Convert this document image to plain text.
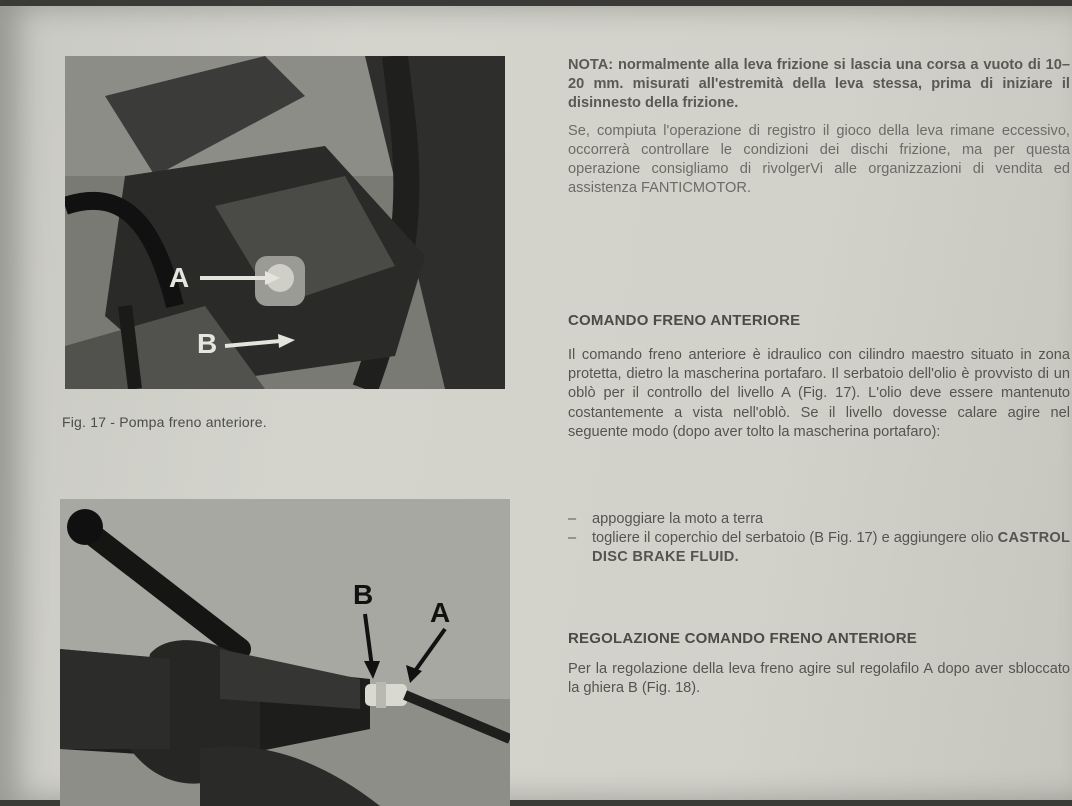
A
B
Fig. 17 - Pompa freno anteriore.
B
A

NOTA: normalmente alla leva frizione si lascia una corsa a vuoto di 10–20 mm. misurati all'estremità della leva stessa, prima di iniziare il disinnesto della frizione.

Se, compiuta l'operazione di registro il gioco della leva rimane eccessivo, occorrerà controllare le condizioni dei dischi frizione, ma per questa operazione consigliamo di rivolgerVi alle organizzazioni di vendita ed assistenza FANTICMOTOR.

COMANDO FRENO ANTERIORE

Il comando freno anteriore è idraulico con cilindro maestro situato in zona protetta, dietro la mascherina portafaro. Il serbatoio dell'olio è provvisto di un oblò per il controllo del livello A (Fig. 17). L'olio deve essere mantenuto costantemente a vista nell'oblò. Se il livello dovesse calare agire nel seguente modo (dopo aver tolto la mascherina portafaro):

– appoggiare la moto a terra
– togliere il coperchio del serbatoio (B Fig. 17) e aggiungere olio CASTROL DISC BRAKE FLUID.
REGOLAZIONE COMANDO FRENO ANTERIORE

Per la regolazione della leva freno agire sul regolafilo A dopo aver sbloccato la ghiera B (Fig. 18).
